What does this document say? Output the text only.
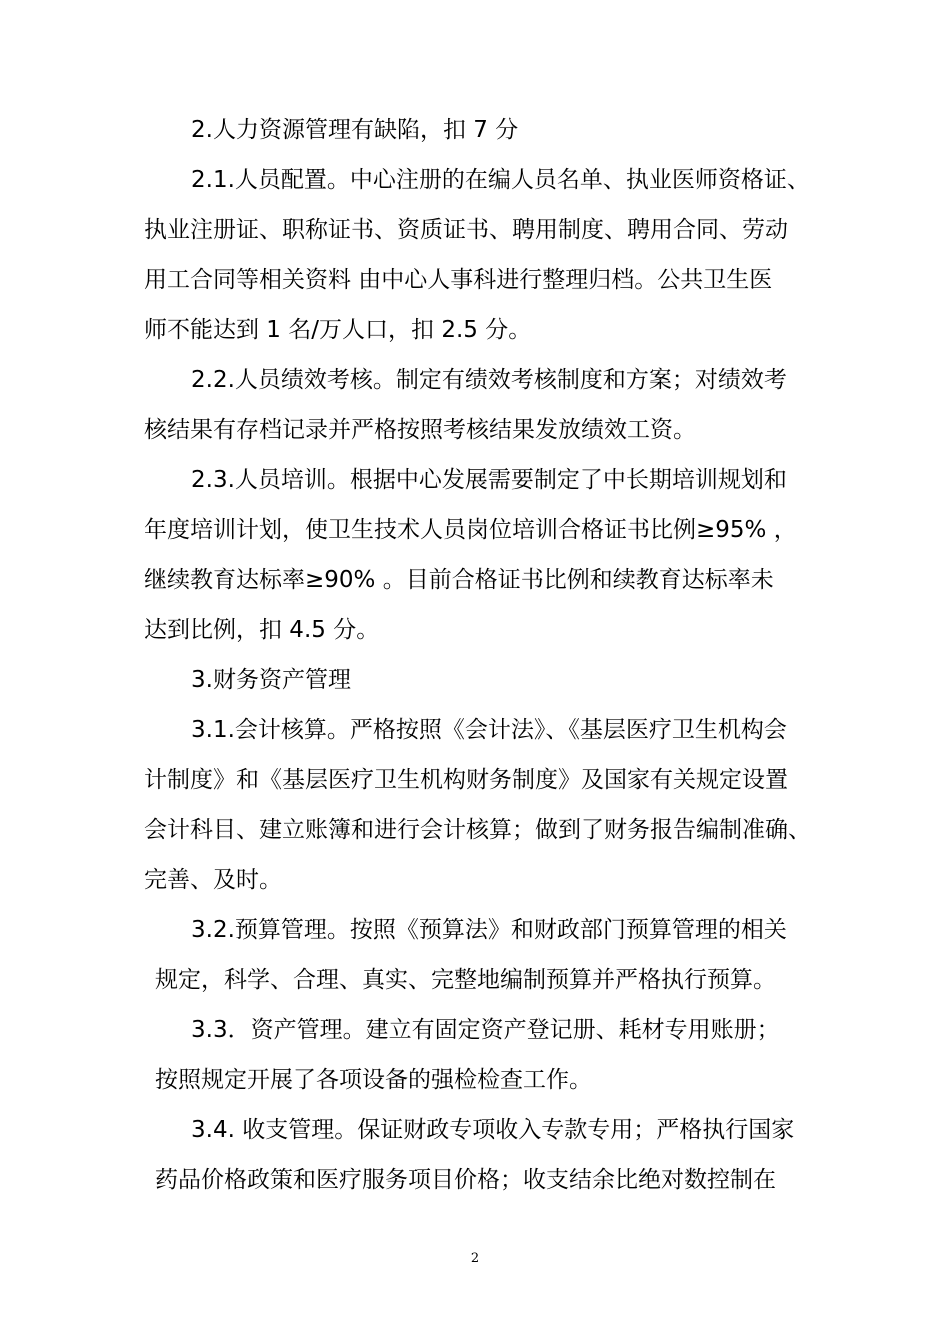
2.人力资源管理有缺陷，扣 7 分
2.1.人员配置。中心注册的在编人员名单、执业医师资格证、
执业注册证、职称证书、资质证书、聘用制度、聘用合同、劳动
用工合同等相关资料 由中心人事科进行整理归档。公共卫生医
师不能达到 1 名/万人口，扣 2.5 分。
2.2.人员绩效考核。制定有绩效考核制度和方案；对绩效考
核结果有存档记录并严格按照考核结果发放绩效工资。
2.3.人员培训。根据中心发展需要制定了中长期培训规划和
年度培训计划，使卫生技术人员岗位培训合格证书比例≥95% ，
继续教育达标率≥90% 。目前合格证书比例和续教育达标率未
达到比例，扣 4.5 分。
3.财务资产管理
3.1.会计核算。严格按照《会计法》、《基层医疗卫生机构会
计制度》和《基层医疗卫生机构财务制度》及国家有关规定设置
会计科目、建立账簿和进行会计核算；做到了财务报告编制准确、
完善、及时。
3.2.预算管理。按照《预算法》和财政部门预算管理的相关
规定，科学、合理、真实、完整地编制预算并严格执行预算。
3.3．资产管理。建立有固定资产登记册、耗材专用账册；
按照规定开展了各项设备的强检检查工作。
3.4. 收支管理。保证财政专项收入专款专用；严格执行国家
药品价格政策和医疗服务项目价格；收支结余比绝对数控制在
2
